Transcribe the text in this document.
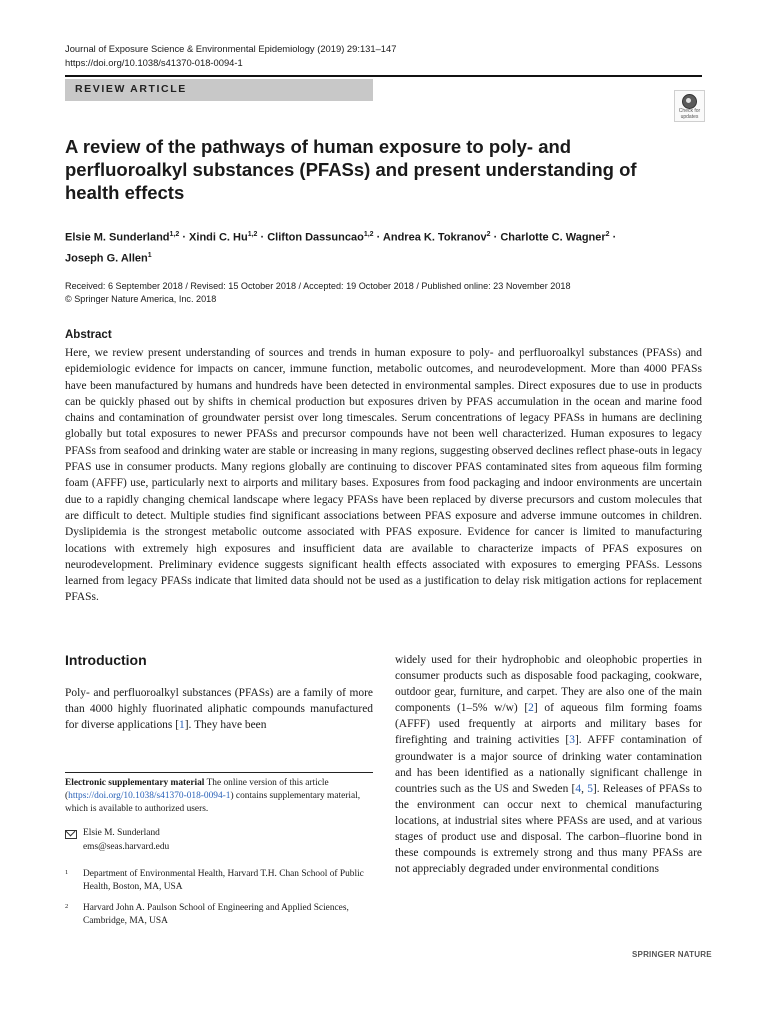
Journal of Exposure Science & Environmental Epidemiology (2019) 29:131–147
https://doi.org/10.1038/s41370-018-0094-1
REVIEW ARTICLE
Check for updates
A review of the pathways of human exposure to poly- and
perfluoroalkyl substances (PFASs) and present understanding of
health effects
Elsie M. Sunderland$^{1,2}$ · Xindi C. Hu$^{1,2}$ · Clifton Dassuncao$^{1,2}$ · Andrea K. Tokranov$^2$ · Charlotte C. Wagner$^2$ ·
Joseph G. Allen$^1$
Received: 6 September 2018 / Revised: 15 October 2018 / Accepted: 19 October 2018 / Published online: 23 November 2018
© Springer Nature America, Inc. 2018
Abstract

Here, we review present understanding of sources and trends in human exposure to poly- and perfluoroalkyl substances (PFASs) and epidemiologic evidence for impacts on cancer, immune function, metabolic outcomes, and neurodevelopment. More than 4000 PFASs have been manufactured by humans and hundreds have been detected in environmental samples. Direct exposures due to use in products can be quickly phased out by shifts in chemical production but exposures driven by PFAS accumulation in the ocean and marine food chains and contamination of groundwater persist over long timescales. Serum concentrations of legacy PFASs in humans are declining globally but total exposures to newer PFASs and precursor compounds have not been well characterized. Human exposures to legacy PFASs from seafood and drinking water are stable or increasing in many regions, suggesting observed declines reflect phase-outs in legacy PFAS use in consumer products. Many regions globally are continuing to discover PFAS contaminated sites from aqueous film forming foam (AFFF) use, particularly next to airports and military bases. Exposures from food packaging and indoor environments are uncertain due to a rapidly changing chemical landscape where legacy PFASs have been replaced by diverse precursors and custom molecules that are difficult to detect. Multiple studies find significant associations between PFAS exposure and adverse immune outcomes in children. Dyslipidemia is the strongest metabolic outcome associated with PFAS exposure. Evidence for cancer is limited to manufacturing locations with extremely high exposures and insufficient data are available to characterize impacts of PFAS exposures on neurodevelopment. Preliminary evidence suggests significant health effects associated with exposures to emerging PFASs. Lessons learned from legacy PFASs indicate that limited data should not be used as a justification to delay risk mitigation actions for replacement PFASs.

Introduction

Poly- and perfluoroalkyl substances (PFASs) are a family of more than 4000 highly fluorinated aliphatic compounds manufactured for diverse applications [1]. They have been

widely used for their hydrophobic and oleophobic properties in consumer products such as disposable food packaging, cookware, outdoor gear, furniture, and carpet. They are also one of the main components (1–5% w/w) [2] of aqueous film forming foams (AFFF) used frequently at airports and military bases for firefighting and training activities [3]. AFFF contamination of groundwater is a major source of drinking water contamination and has been identified as a nationally significant challenge in countries such as the US and Sweden [4, 5]. Releases of PFASs to the environment can occur next to chemical manufacturing locations, at industrial sites where PFASs are used, and at various stages of product use and disposal. The carbon–fluorine bond in these compounds is extremely strong and thus many PFASs are not appreciably degraded under environmental conditions

Electronic supplementary material The online version of this article (https://doi.org/10.1038/s41370-018-0094-1) contains supplementary material, which is available to authorized users.
Elsie M. Sunderland
ems@seas.harvard.edu
1 Department of Environmental Health, Harvard T.H. Chan School of Public Health, Boston, MA, USA
2 Harvard John A. Paulson School of Engineering and Applied Sciences, Cambridge, MA, USA
SPRINGER NATURE
